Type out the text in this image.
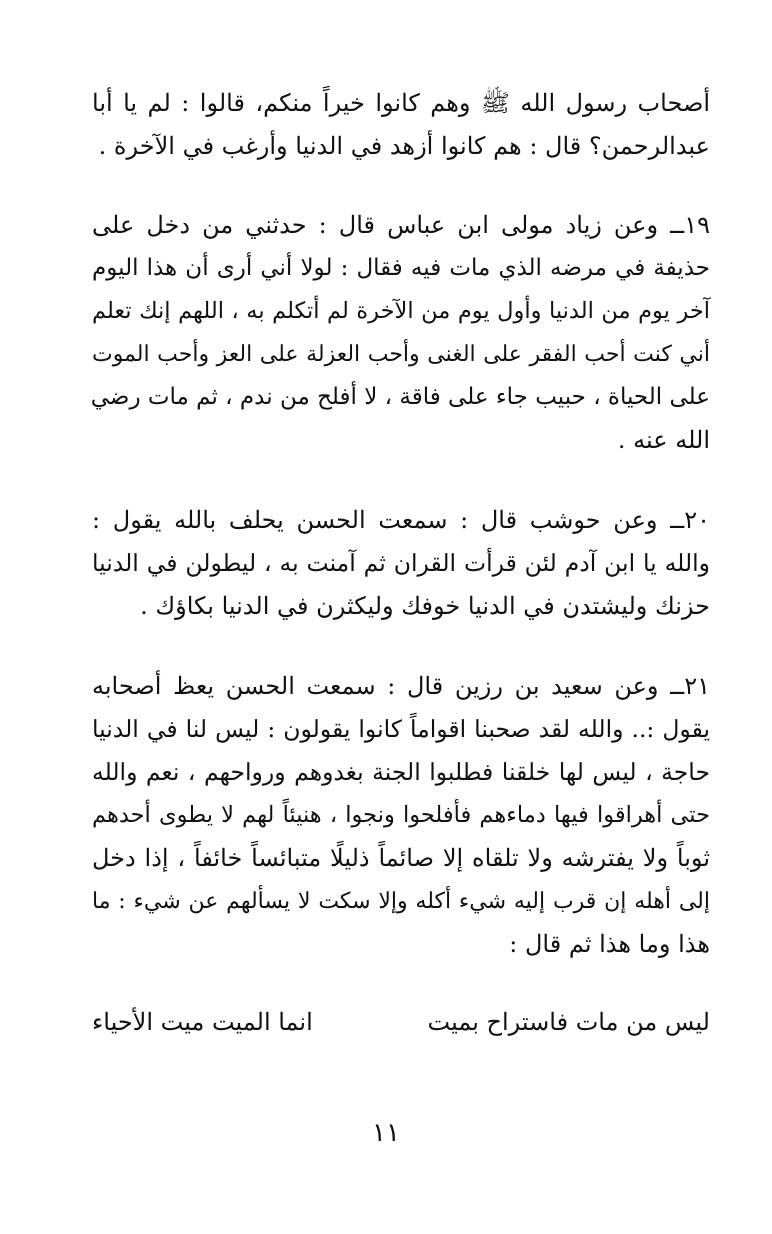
أصحاب رسول الله ﷺ وهم كانوا خيراً منكم، قالوا : لم يا أبا
عبدالرحمن؟ قال : هم كانوا أزهد في الدنيا وأرغب في الآخرة .

١٩ــ وعن زياد مولى ابن عباس قال : حدثني من دخل على
حذيفة في مرضه الذي مات فيه فقال : لولا أني أرى أن هذا اليوم
آخر يوم من الدنيا وأول يوم من الآخرة لم أتكلم به ، اللهم إنك تعلم
أني كنت أحب الفقر على الغنى وأحب العزلة على العز وأحب الموت
على الحياة ، حبيب جاء على فاقة ، لا أفلح من ندم ، ثم مات رضي
الله عنه .

٢٠ــ وعن حوشب قال : سمعت الحسن يحلف بالله يقول :
والله يا ابن آدم لئن قرأت القران ثم آمنت به ، ليطولن في الدنيا
حزنك وليشتدن في الدنيا خوفك وليكثرن في الدنيا بكاؤك .

٢١ــ وعن سعيد بن رزين قال : سمعت الحسن يعظ أصحابه
يقول :.. والله لقد صحبنا اقواماً كانوا يقولون : ليس لنا في الدنيا
حاجة ، ليس لها خلقنا فطلبوا الجنة بغدوهم ورواحهم ، نعم والله
حتى أهراقوا فيها دماءهم فأفلحوا ونجوا ، هنيئاً لهم لا يطوى أحدهم
ثوباً ولا يفترشه ولا تلقاه إلا صائماً ذليلًا متبائساً خائفاً ، إذا دخل
إلى أهله إن قرب إليه شيء أكله وإلا سكت لا يسألهم عن شيء : ما
هذا وما هذا ثم قال :

ليس من مات فاستراح بميت
انما الميت ميت الأحياء
١١
